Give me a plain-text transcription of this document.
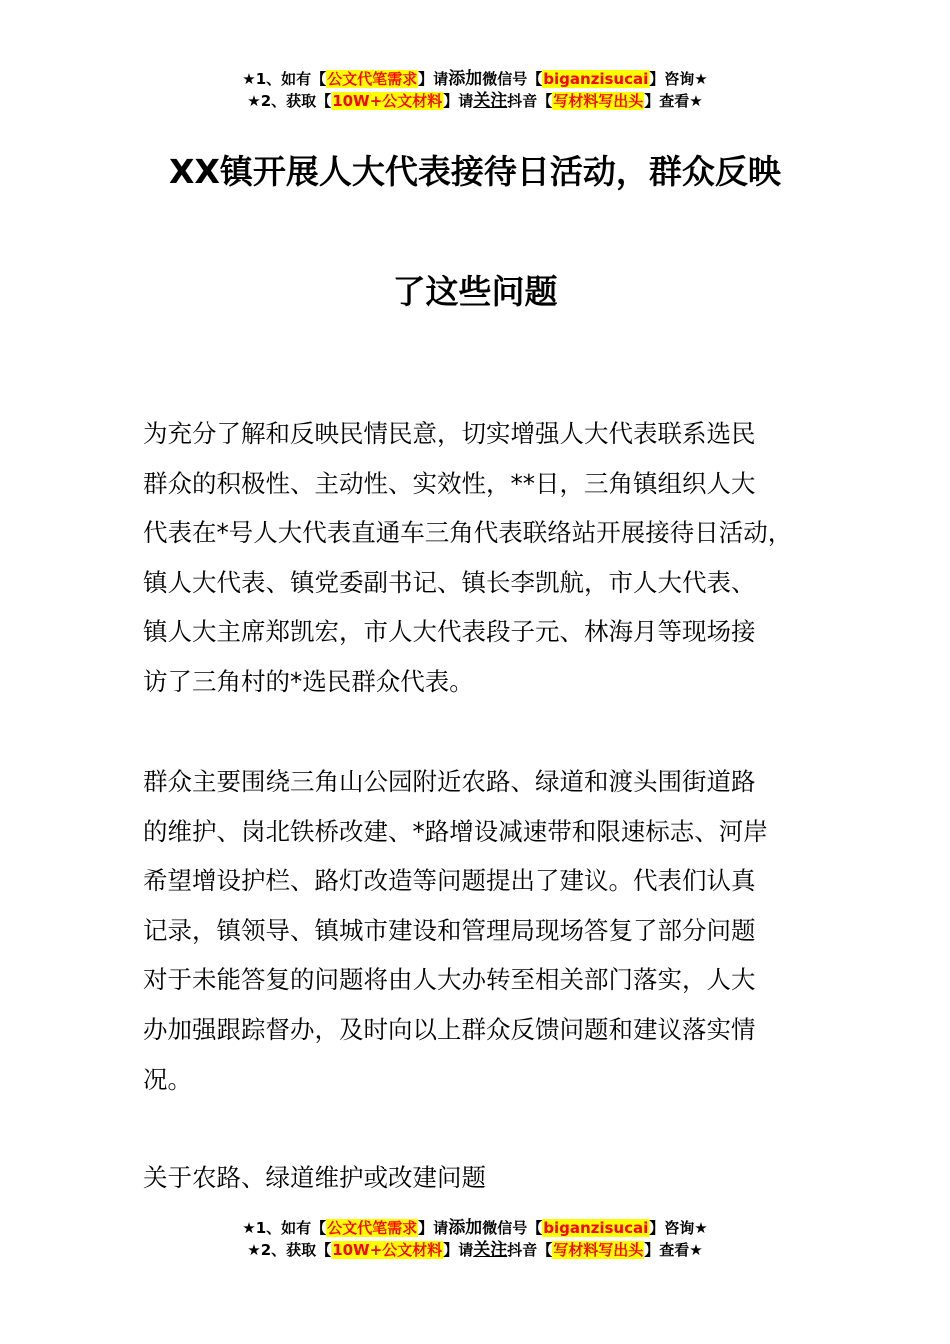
★1、如有【公文代笔需求】请添加微信号【biganzisucai】咨询★
★2、获取【10W+公文材料】请关注抖音【写材料写出头】查看★
XX镇开展人大代表接待日活动，群众反映
了这些问题
为充分了解和反映民情民意，切实增强人大代表联系选民
群众的积极性、主动性、实效性，**日，三角镇组织人大
代表在*号人大代表直通车三角代表联络站开展接待日活动，
镇人大代表、镇党委副书记、镇长李凯航，市人大代表、
镇人大主席郑凯宏，市人大代表段子元、林海月等现场接
访了三角村的*选民群众代表。
群众主要围绕三角山公园附近农路、绿道和渡头围街道路
的维护、岗北铁桥改建、*路增设减速带和限速标志、河岸
希望增设护栏、路灯改造等问题提出了建议。代表们认真
记录，镇领导、镇城市建设和管理局现场答复了部分问题
对于未能答复的问题将由人大办转至相关部门落实，人大
办加强跟踪督办，及时向以上群众反馈问题和建议落实情
况。
关于农路、绿道维护或改建问题
★1、如有【公文代笔需求】请添加微信号【biganzisucai】咨询★
★2、获取【10W+公文材料】请关注抖音【写材料写出头】查看★
